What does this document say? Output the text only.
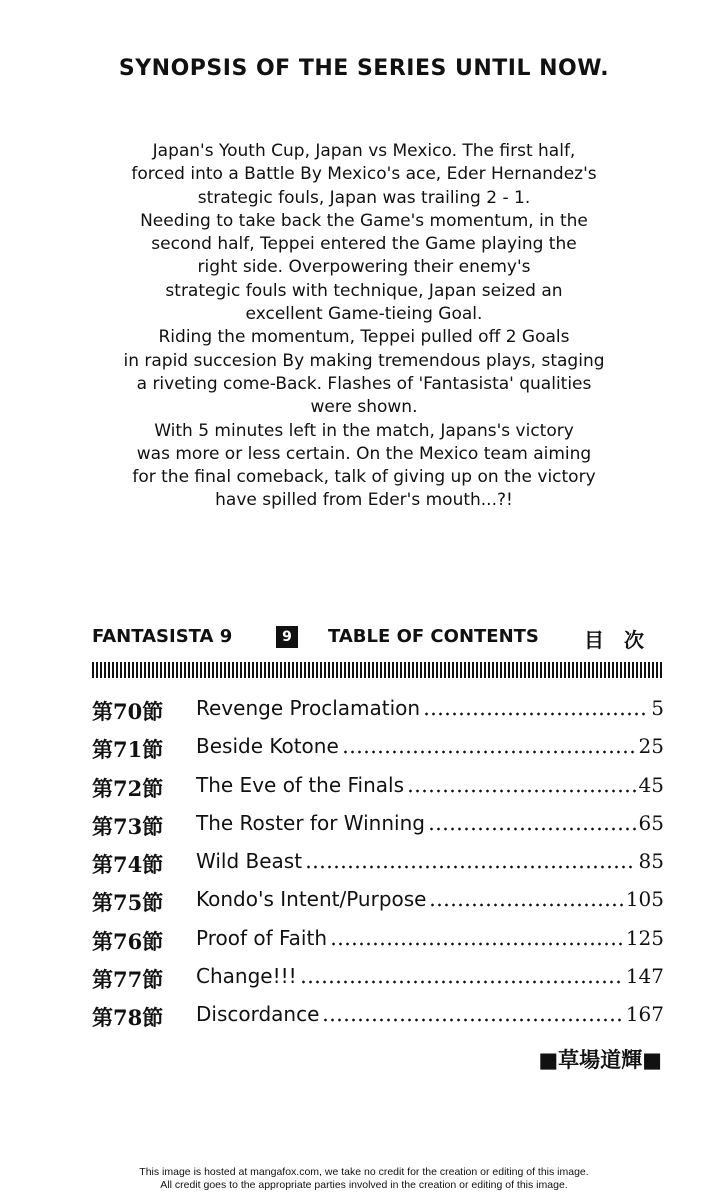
SYNOPSIS OF THE SERIES UNTIL NOW.
Japan's Youth Cup, Japan vs Mexico. The first half,
forced into a Battle By Mexico's ace, Eder Hernandez's
strategic fouls, Japan was trailing 2 - 1.
Needing to take back the Game's momentum, in the
second half, Teppei entered the Game playing the
right side. Overpowering their enemy's
strategic fouls with technique, Japan seized an
excellent Game-tieing Goal.
Riding the momentum, Teppei pulled off 2 Goals
in rapid succesion By making tremendous plays, staging
a riveting come-Back. Flashes of 'Fantasista' qualities
were shown.
With 5 minutes left in the match, Japans's victory
was more or less certain. On the Mexico team aiming
for the final comeback, talk of giving up on the victory
have spilled from Eder's mouth...?!
FANTASISTA 9	9	TABLE OF CONTENTS 目次
第70節 Revenge Proclamation	5
第71節 Beside Kotone	25
第72節 The Eve of the Finals	45
第73節 The Roster for Winning	65
第74節 Wild Beast	85
第75節 Kondo's Intent/Purpose	105
第76節 Proof of Faith	125
第77節 Change!!!	147
第78節 Discordance	167
■草場道輝■
This image is hosted at mangafox.com, we take no credit for the creation or editing of this image.
All credit goes to the appropriate parties involved in the creation or editing of this image.
